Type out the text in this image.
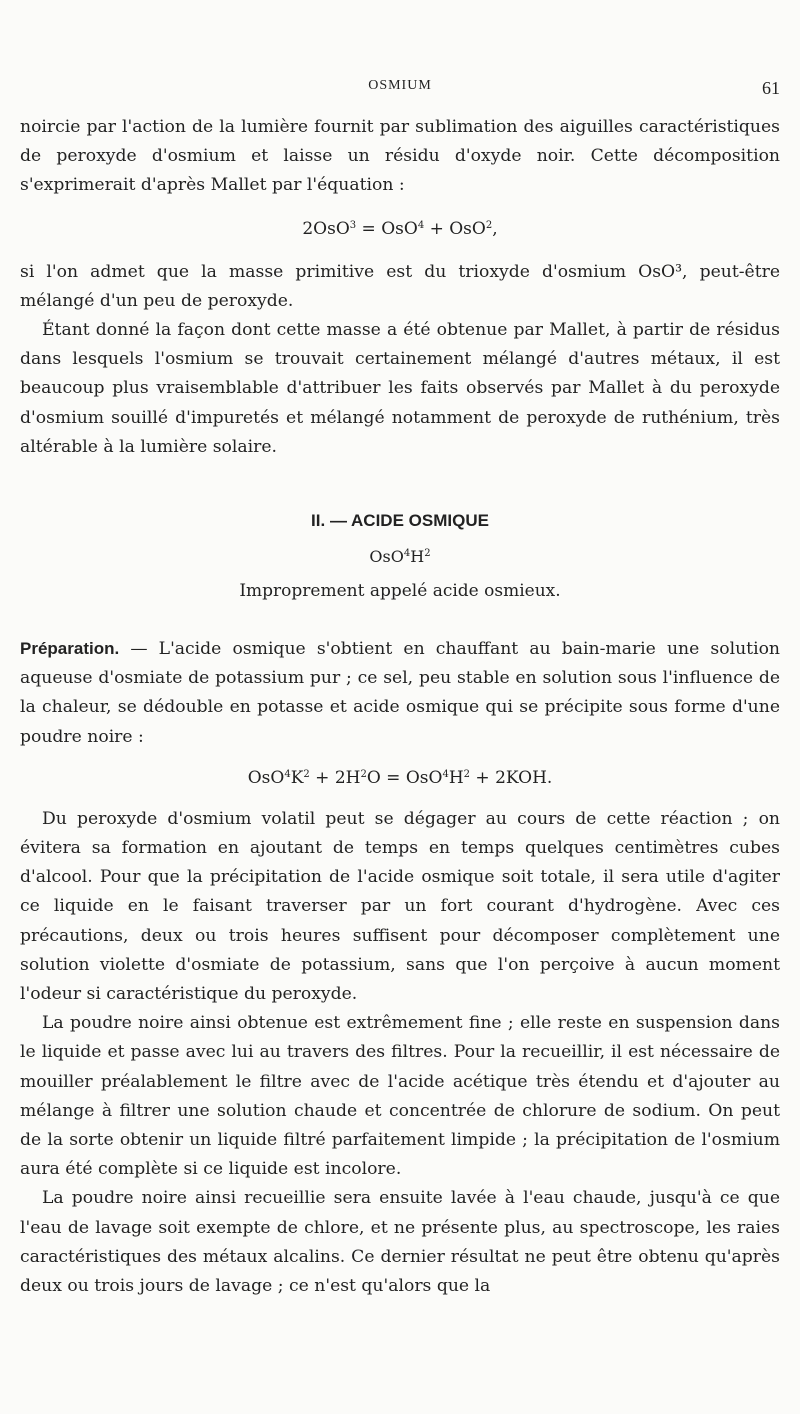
OSMIUM	61

noircie par l'action de la lumière fournit par sublimation des aiguilles caractéristiques de peroxyde d'osmium et laisse un résidu d'oxyde noir. Cette décomposition s'exprimerait d'après Mallet par l'équation :

2OsO$^3$ = OsO$^4$ + OsO$^2$,

si l'on admet que la masse primitive est du trioxyde d'osmium OsO³, peut-être mélangé d'un peu de peroxyde.

Étant donné la façon dont cette masse a été obtenue par Mallet, à partir de résidus dans lesquels l'osmium se trouvait certainement mélangé d'autres métaux, il est beaucoup plus vraisemblable d'attribuer les faits observés par Mallet à du peroxyde d'osmium souillé d'impuretés et mélangé notamment de peroxyde de ruthénium, très altérable à la lumière solaire.

II. — ACIDE OSMIQUE
$OsO^4H^2$
Improprement appelé acide osmieux.

Préparation. — L'acide osmique s'obtient en chauffant au bain-marie une solution aqueuse d'osmiate de potassium pur ; ce sel, peu stable en solution sous l'influence de la chaleur, se dédouble en potasse et acide osmique qui se précipite sous forme d'une poudre noire :

$OsO^4K^2 + 2H^2O = OsO^4H^2 + 2KOH$.

Du peroxyde d'osmium volatil peut se dégager au cours de cette réaction ; on évitera sa formation en ajoutant de temps en temps quelques centimètres cubes d'alcool. Pour que la précipitation de l'acide osmique soit totale, il sera utile d'agiter ce liquide en le faisant traverser par un fort courant d'hydrogène. Avec ces précautions, deux ou trois heures suffisent pour décomposer complètement une solution violette d'osmiate de potassium, sans que l'on perçoive à aucun moment l'odeur si caractéristique du peroxyde.

La poudre noire ainsi obtenue est extrêmement fine ; elle reste en suspension dans le liquide et passe avec lui au travers des filtres. Pour la recueillir, il est nécessaire de mouiller préalablement le filtre avec de l'acide acétique très étendu et d'ajouter au mélange à filtrer une solution chaude et concentrée de chlorure de sodium. On peut de la sorte obtenir un liquide filtré parfaitement limpide ; la précipitation de l'osmium aura été complète si ce liquide est incolore.

La poudre noire ainsi recueillie sera ensuite lavée à l'eau chaude, jusqu'à ce que l'eau de lavage soit exempte de chlore, et ne présente plus, au spectroscope, les raies caractéristiques des métaux alcalins. Ce dernier résultat ne peut être obtenu qu'après deux ou trois jours de lavage ; ce n'est qu'alors que la
